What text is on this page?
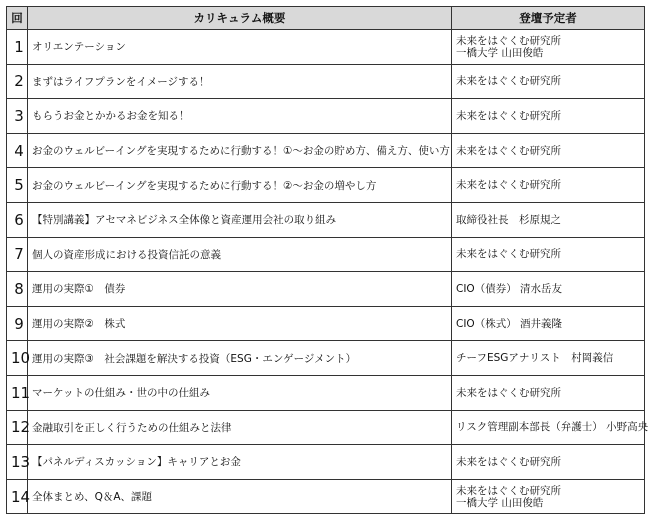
回	カリキュラム概要	登壇予定者
1	オリエンテーション	未来をはぐくむ研究所
一橋大学 山田俊皓

2	まずはライフプランをイメージする！	未来をはぐくむ研究所

3	もらうお金とかかるお金を知る！	未来をはぐくむ研究所

4	お金のウェルビーイングを実現するために行動する！①～お金の貯め方、備え方、使い方	未来をはぐくむ研究所

5	お金のウェルビーイングを実現するために行動する！②～お金の増やし方	未来をはぐくむ研究所

6	【特別講義】アセマネビジネス全体像と資産運用会社の取り組み	取締役社長　杉原規之

7	個人の資産形成における投資信託の意義	未来をはぐくむ研究所

8	運用の実際①　債券	CIO（債券） 清水岳友

9	運用の実際②　株式	CIO（株式） 酒井義隆

10	運用の実際③　社会課題を解決する投資（ESG・エンゲージメント）	チーフESGアナリスト　村岡義信

11	マーケットの仕組み・世の中の仕組み	未来をはぐくむ研究所

12	金融取引を正しく行うための仕組みと法律	リスク管理副本部長（弁護士） 小野高央

13	【パネルディスカッション】キャリアとお金	未来をはぐくむ研究所

14	全体まとめ、Q＆A、課題	未来をはぐくむ研究所
一橋大学 山田俊皓
